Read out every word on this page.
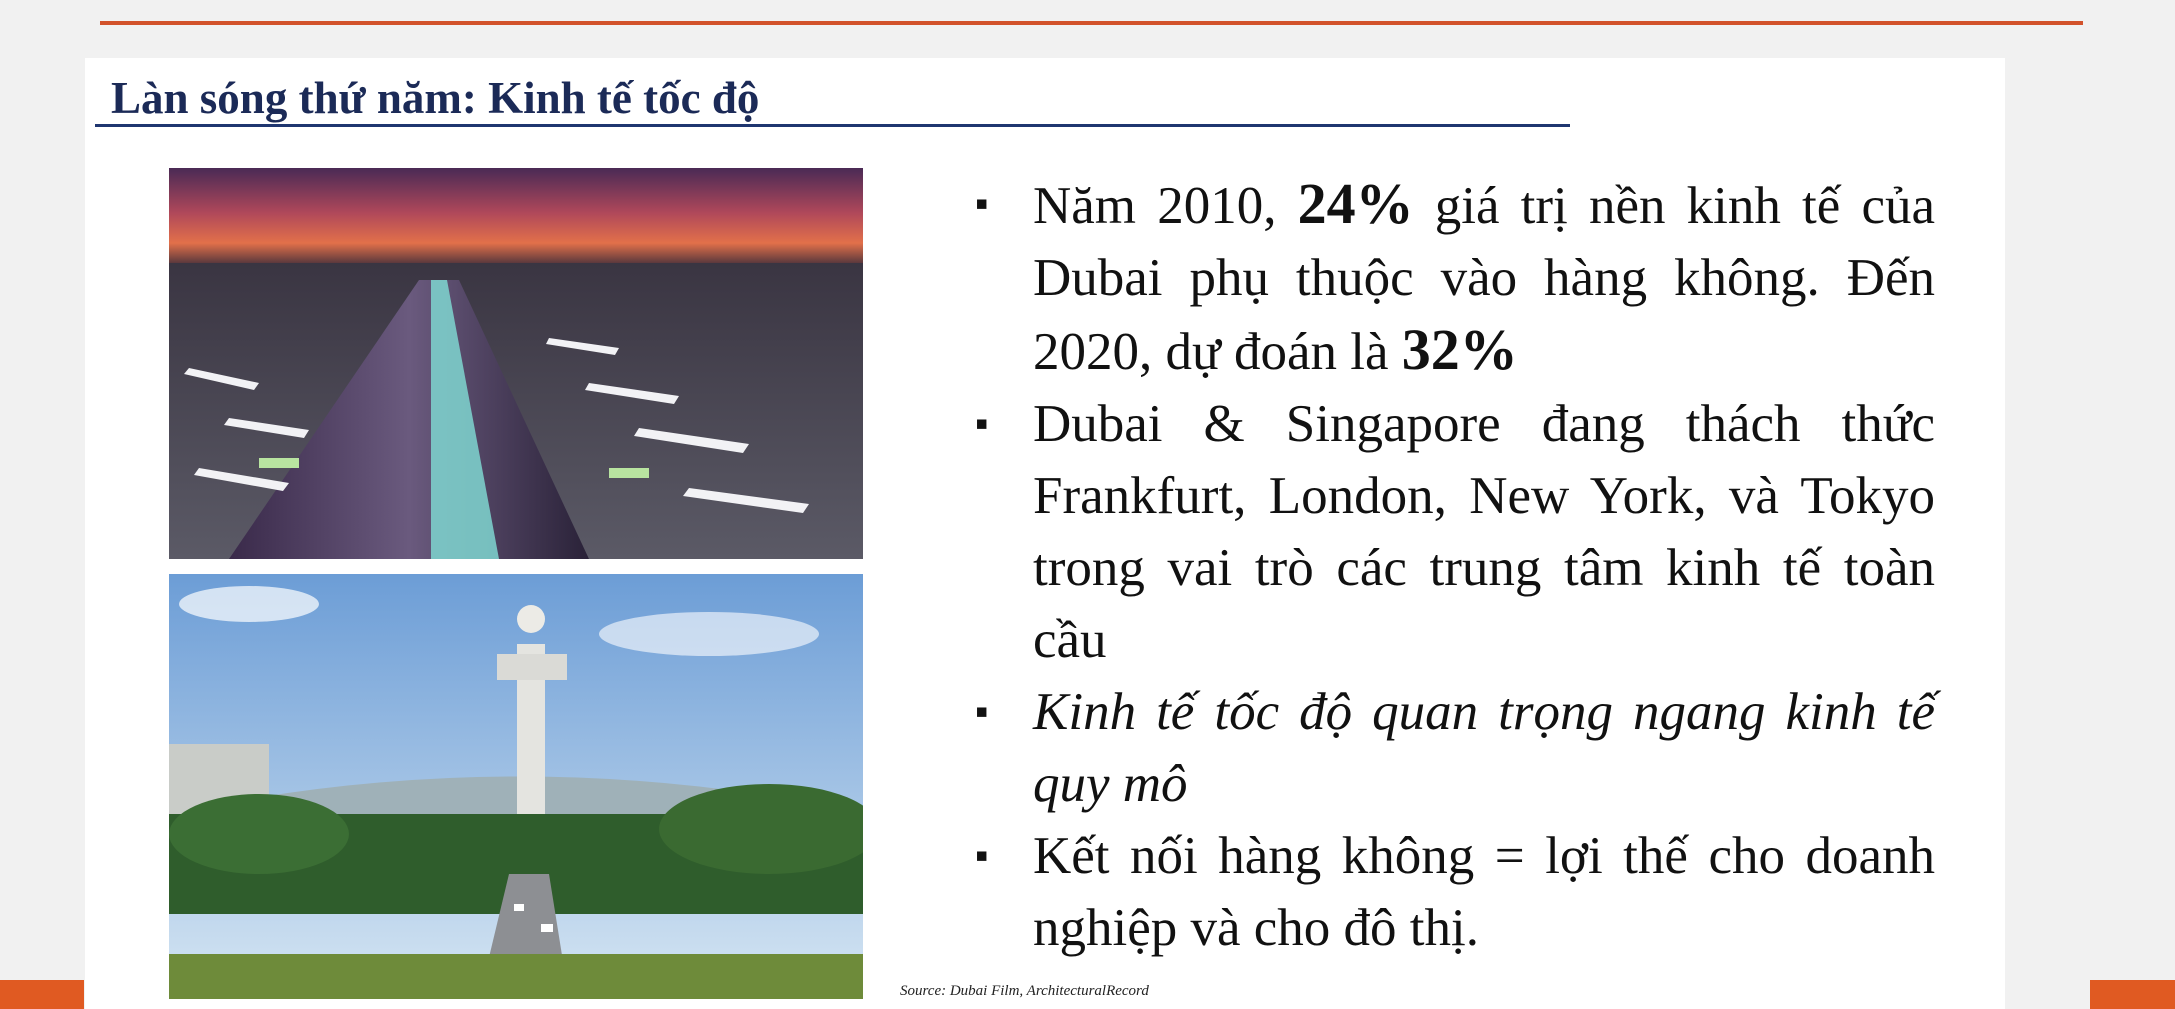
Làn sóng thứ năm: Kinh tế tốc độ
▪ Năm 2010, 24% giá trị nền kinh tế của Dubai phụ thuộc vào hàng không. Đến 2020, dự đoán là 32%
▪ Dubai & Singapore đang thách thức Frankfurt, London, New York, và Tokyo trong vai trò các trung tâm kinh tế toàn cầu
▪ Kinh tế tốc độ quan trọng ngang kinh tế quy mô
▪ Kết nối hàng không = lợi thế cho doanh nghiệp và cho đô thị.
Source: Dubai Film, ArchitecturalRecord
